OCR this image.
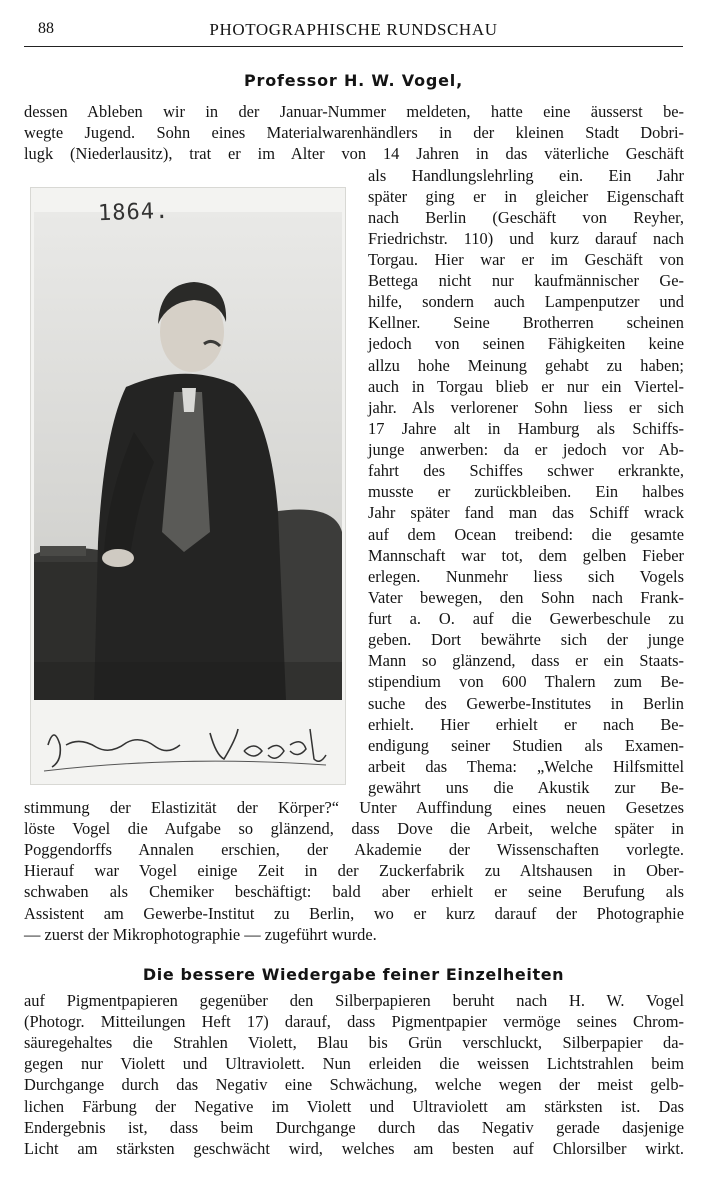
88	PHOTOGRAPHISCHE RUNDSCHAU
Professor H. W. Vogel,
dessen Ableben wir in der Januar-Nummer meldeten, hatte eine äusserst be-
wegte Jugend. Sohn eines Materialwarenhändlers in der kleinen Stadt Dobri-
lugk (Niederlausitz), trat er im Alter von 14 Jahren in das väterliche Geschäft
1864.
als Handlungslehrling ein. Ein Jahr
später ging er in gleicher Eigenschaft
nach Berlin (Geschäft von Reyher,
Friedrichstr. 110) und kurz darauf nach
Torgau. Hier war er im Geschäft von
Bettega nicht nur kaufmännischer Ge-
hilfe, sondern auch Lampenputzer und
Kellner. Seine Brotherren scheinen
jedoch von seinen Fähigkeiten keine
allzu hohe Meinung gehabt zu haben;
auch in Torgau blieb er nur ein Viertel-
jahr. Als verlorener Sohn liess er sich
17 Jahre alt in Hamburg als Schiffs-
junge anwerben: da er jedoch vor Ab-
fahrt des Schiffes schwer erkrankte,
musste er zurückbleiben. Ein halbes
Jahr später fand man das Schiff wrack
auf dem Ocean treibend: die gesamte
Mannschaft war tot, dem gelben Fieber
erlegen. Nunmehr liess sich Vogels
Vater bewegen, den Sohn nach Frank-
furt a. O. auf die Gewerbeschule zu
geben. Dort bewährte sich der junge
Mann so glänzend, dass er ein Staats-
stipendium von 600 Thalern zum Be-
suche des Gewerbe-Institutes in Berlin
erhielt. Hier erhielt er nach Be-
endigung seiner Studien als Examen-
arbeit das Thema: „Welche Hilfsmittel
gewährt uns die Akustik zur Be-
stimmung der Elastizität der Körper?“ Unter Auffindung eines neuen Gesetzes
löste Vogel die Aufgabe so glänzend, dass Dove die Arbeit, welche später in
Poggendorffs Annalen erschien, der Akademie der Wissenschaften vorlegte.
Hierauf war Vogel einige Zeit in der Zuckerfabrik zu Altshausen in Ober-
schwaben als Chemiker beschäftigt: bald aber erhielt er seine Berufung als
Assistent am Gewerbe-Institut zu Berlin, wo er kurz darauf der Photographie
— zuerst der Mikrophotographie — zugeführt wurde.
Die bessere Wiedergabe feiner Einzelheiten
auf Pigmentpapieren gegenüber den Silberpapieren beruht nach H. W. Vogel
(Photogr. Mitteilungen Heft 17) darauf, dass Pigmentpapier vermöge seines Chrom-
säuregehaltes die Strahlen Violett, Blau bis Grün verschluckt, Silberpapier da-
gegen nur Violett und Ultraviolett. Nun erleiden die weissen Lichtstrahlen beim
Durchgange durch das Negativ eine Schwächung, welche wegen der meist gelb-
lichen Färbung der Negative im Violett und Ultraviolett am stärksten ist. Das
Endergebnis ist, dass beim Durchgange durch das Negativ gerade dasjenige
Licht am stärksten geschwächt wird, welches am besten auf Chlorsilber wirkt.
